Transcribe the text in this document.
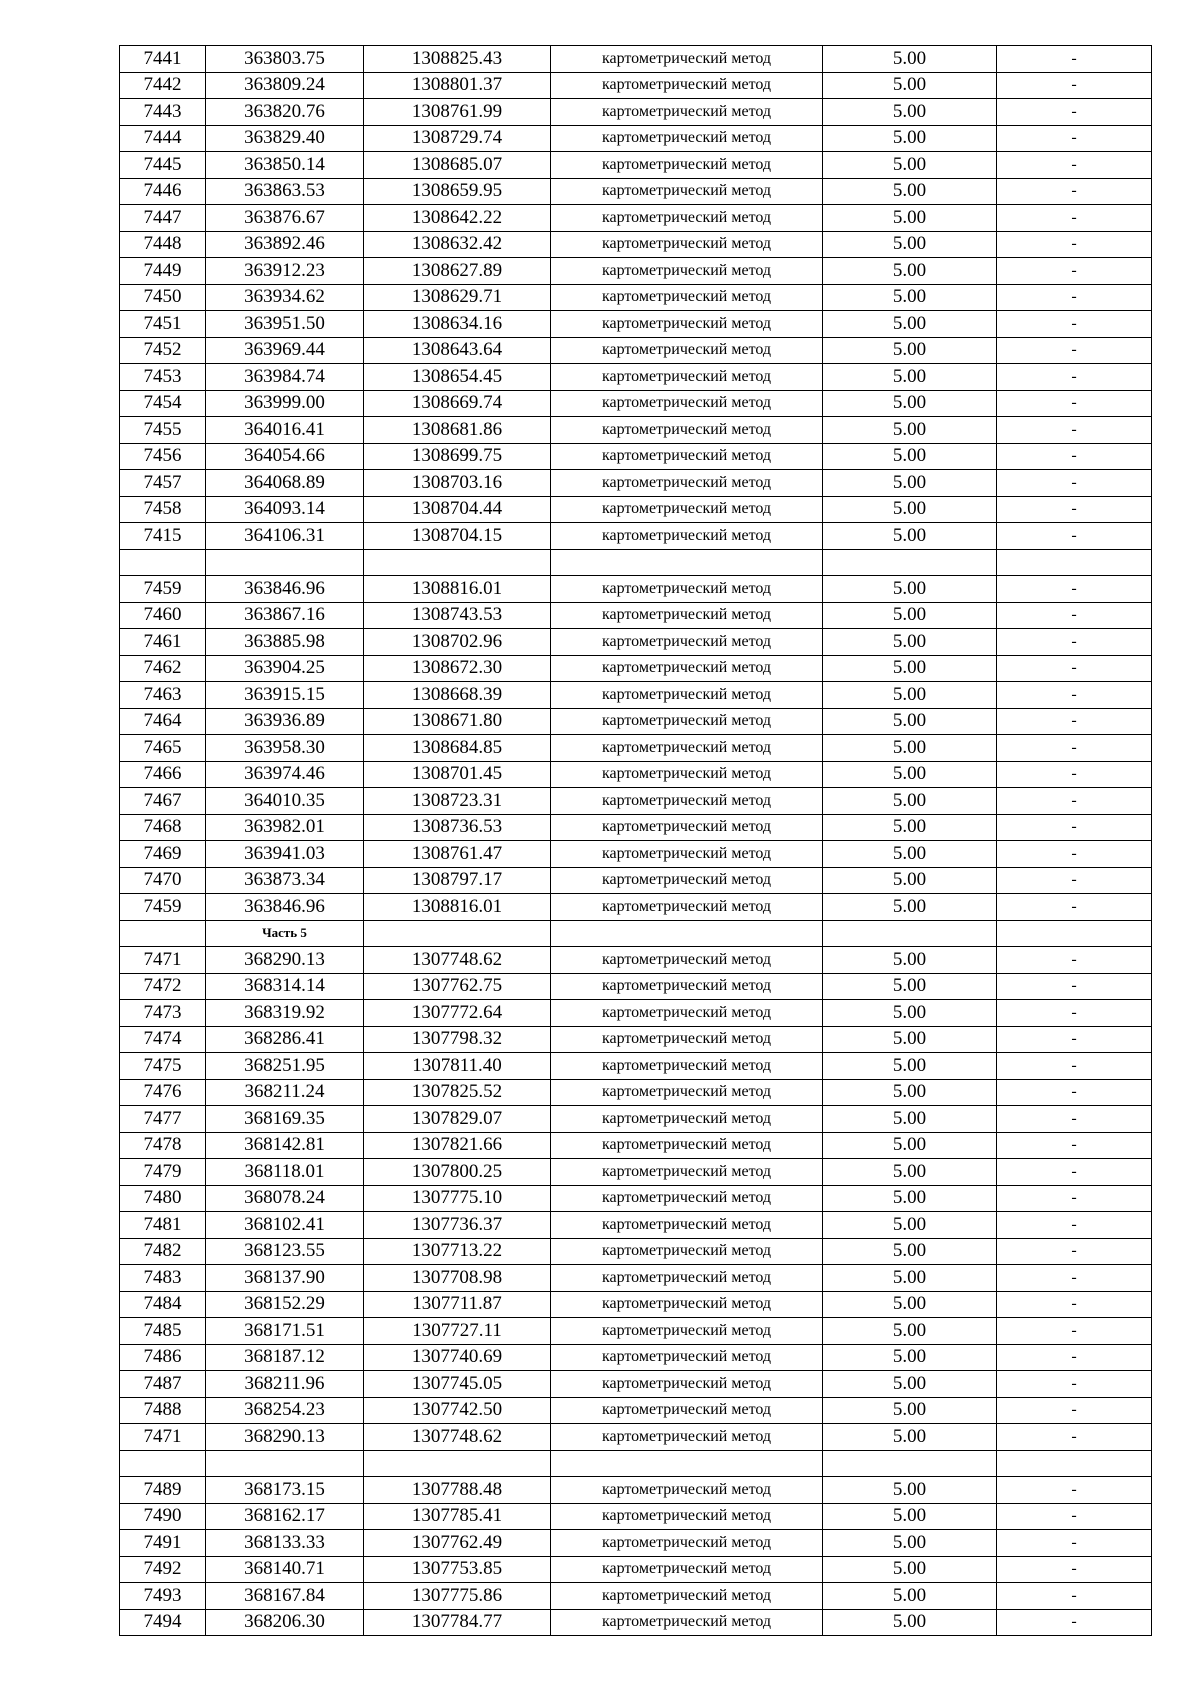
7441	363803.75	1308825.43	картометрический метод	5.00	-
7442	363809.24	1308801.37	картометрический метод	5.00	-
7443	363820.76	1308761.99	картометрический метод	5.00	-
7444	363829.40	1308729.74	картометрический метод	5.00	-
7445	363850.14	1308685.07	картометрический метод	5.00	-
7446	363863.53	1308659.95	картометрический метод	5.00	-
7447	363876.67	1308642.22	картометрический метод	5.00	-
7448	363892.46	1308632.42	картометрический метод	5.00	-
7449	363912.23	1308627.89	картометрический метод	5.00	-
7450	363934.62	1308629.71	картометрический метод	5.00	-
7451	363951.50	1308634.16	картометрический метод	5.00	-
7452	363969.44	1308643.64	картометрический метод	5.00	-
7453	363984.74	1308654.45	картометрический метод	5.00	-
7454	363999.00	1308669.74	картометрический метод	5.00	-
7455	364016.41	1308681.86	картометрический метод	5.00	-
7456	364054.66	1308699.75	картометрический метод	5.00	-
7457	364068.89	1308703.16	картометрический метод	5.00	-
7458	364093.14	1308704.44	картометрический метод	5.00	-
7415	364106.31	1308704.15	картометрический метод	5.00	-

7459	363846.96	1308816.01	картометрический метод	5.00	-
7460	363867.16	1308743.53	картометрический метод	5.00	-
7461	363885.98	1308702.96	картометрический метод	5.00	-
7462	363904.25	1308672.30	картометрический метод	5.00	-
7463	363915.15	1308668.39	картометрический метод	5.00	-
7464	363936.89	1308671.80	картометрический метод	5.00	-
7465	363958.30	1308684.85	картометрический метод	5.00	-
7466	363974.46	1308701.45	картометрический метод	5.00	-
7467	364010.35	1308723.31	картометрический метод	5.00	-
7468	363982.01	1308736.53	картометрический метод	5.00	-
7469	363941.03	1308761.47	картометрический метод	5.00	-
7470	363873.34	1308797.17	картометрический метод	5.00	-
7459	363846.96	1308816.01	картометрический метод	5.00	-
	Часть 5				
7471	368290.13	1307748.62	картометрический метод	5.00	-
7472	368314.14	1307762.75	картометрический метод	5.00	-
7473	368319.92	1307772.64	картометрический метод	5.00	-
7474	368286.41	1307798.32	картометрический метод	5.00	-
7475	368251.95	1307811.40	картометрический метод	5.00	-
7476	368211.24	1307825.52	картометрический метод	5.00	-
7477	368169.35	1307829.07	картометрический метод	5.00	-
7478	368142.81	1307821.66	картометрический метод	5.00	-
7479	368118.01	1307800.25	картометрический метод	5.00	-
7480	368078.24	1307775.10	картометрический метод	5.00	-
7481	368102.41	1307736.37	картометрический метод	5.00	-
7482	368123.55	1307713.22	картометрический метод	5.00	-
7483	368137.90	1307708.98	картометрический метод	5.00	-
7484	368152.29	1307711.87	картометрический метод	5.00	-
7485	368171.51	1307727.11	картометрический метод	5.00	-
7486	368187.12	1307740.69	картометрический метод	5.00	-
7487	368211.96	1307745.05	картометрический метод	5.00	-
7488	368254.23	1307742.50	картометрический метод	5.00	-
7471	368290.13	1307748.62	картометрический метод	5.00	-

7489	368173.15	1307788.48	картометрический метод	5.00	-
7490	368162.17	1307785.41	картометрический метод	5.00	-
7491	368133.33	1307762.49	картометрический метод	5.00	-
7492	368140.71	1307753.85	картометрический метод	5.00	-
7493	368167.84	1307775.86	картометрический метод	5.00	-
7494	368206.30	1307784.77	картометрический метод	5.00	-
